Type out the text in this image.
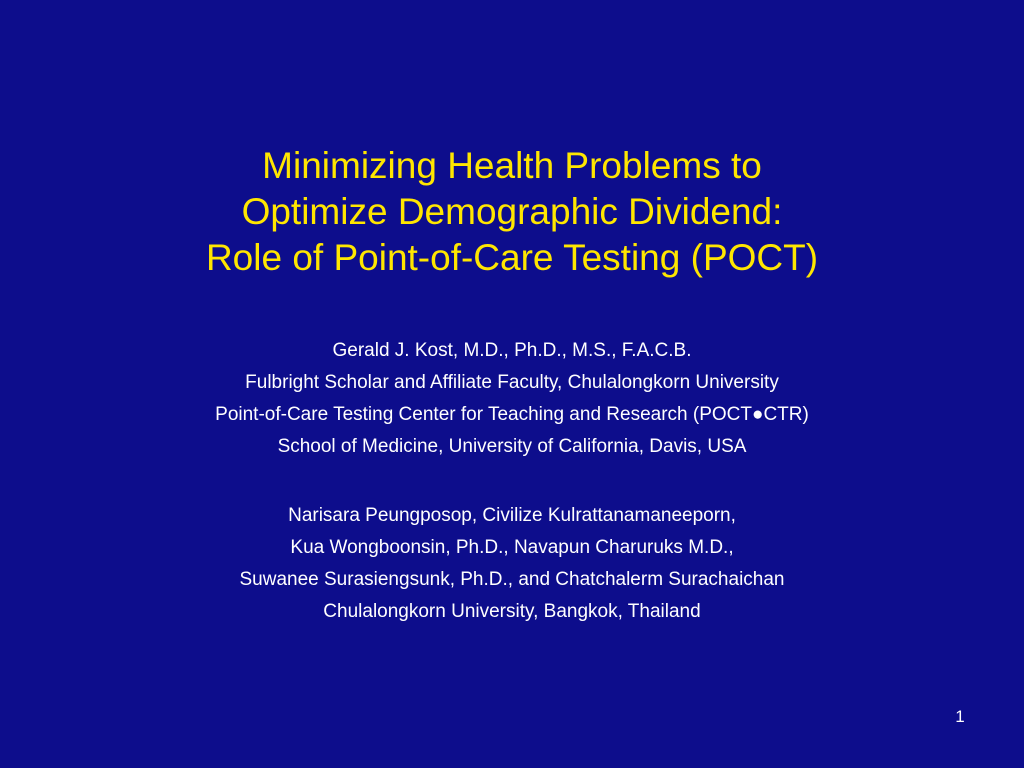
Minimizing Health Problems to
Optimize Demographic Dividend:
Role of Point-of-Care Testing (POCT)
Gerald J. Kost, M.D., Ph.D., M.S., F.A.C.B.
Fulbright Scholar and Affiliate Faculty, Chulalongkorn University
Point-of-Care Testing Center for Teaching and Research (POCT●CTR)
School of Medicine, University of California, Davis, USA
Narisara Peungposop, Civilize Kulrattanamaneeporn,
Kua Wongboonsin, Ph.D., Navapun Charuruks M.D.,
Suwanee Surasiengsunk, Ph.D., and Chatchalerm Surachaichan
Chulalongkorn University, Bangkok, Thailand
1
